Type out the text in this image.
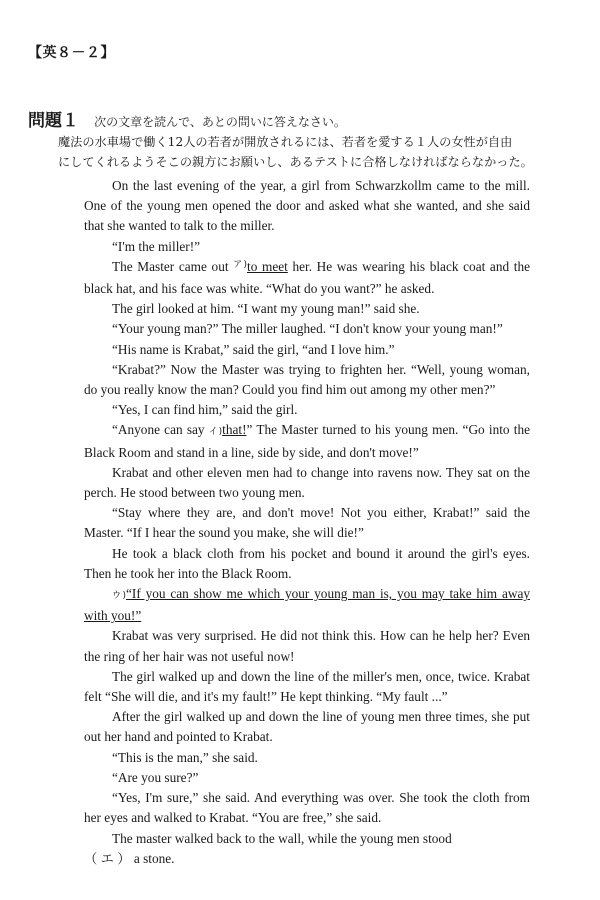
【英８－２】
問題１ 次の文章を読んで、あとの問いに答えなさい。

魔法の水車場で働く12人の若者が開放されるには、若者を愛する１人の女性が自由

にしてくれるようそこの親方にお願いし、あるテストに合格しなければならなかった。

On the last evening of the year, a girl from Schwarzkollm came to the mill. One of the young men opened the door and asked what she wanted, and she said that she wanted to talk to the miller.

“I'm the miller!”

The Master came out $^{ア)}$to meet her. He was wearing his black coat and the black hat, and his face was white. “What do you want?” he asked.

The girl looked at him. “I want my young man!” said she.

“Your young man?” The miller laughed. “I don't know your young man!”

“His name is Krabat,” said the girl, “and I love him.”

“Krabat?” Now the Master was trying to frighten her. “Well, young woman, do you really know the man? Could you find him out among my other men?”

“Yes, I can find him,” said the girl.

“Anyone can say イ)that!” The Master turned to his young men. “Go into the Black Room and stand in a line, side by side, and don't move!”

Krabat and other eleven men had to change into ravens now. They sat on the perch. He stood between two young men.

“Stay where they are, and don't move! Not you either, Krabat!” said the Master. “If I hear the sound you make, she will die!”

He took a black cloth from his pocket and bound it around the girl's eyes. Then he took her into the Black Room.

ウ)“If you can show me which your young man is, you may take him away with you!”

Krabat was very surprised. He did not think this. How can he help her? Even the ring of her hair was not useful now!

The girl walked up and down the line of the miller's men, once, twice. Krabat felt “She will die, and it's my fault!” He kept thinking. “My fault ...”

After the girl walked up and down the line of young men three times, she put out her hand and pointed to Krabat.

“This is the man,” she said.

“Are you sure?”

“Yes, I'm sure,” she said. And everything was over. She took the cloth from her eyes and walked to Krabat. “You are free,” she said.

The master walked back to the wall, while the young men stood
（ エ ） a stone.
